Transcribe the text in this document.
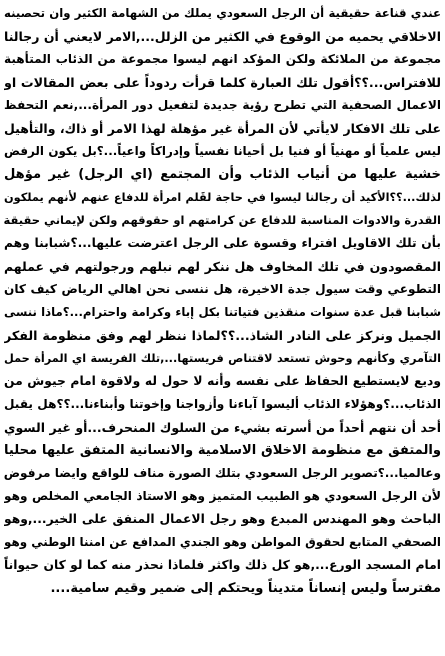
عندي قناعة حقيقية أن الرجل السعودي يملك من الشهامة الكثير وان تحصينه
الاخلاقي يحميه من الوقوع في الكثير من الزلل...,الامر لايعني أن رجالنا
مجموعة من الملائكة ولكن المؤكد انهم ليسوا مجموعة من الذئاب المتأهبة
للافتراس...؟؟أقول تلك العبارة كلما قرأت ردوداً على بعض المقالات او
الاعمال الصحفية التي تطرح رؤية جديدة لتفعيل دور المرأة...,نعم التحفظ
على تلك الافكار لايأتي لأن المرأة غير مؤهلة لهذا الامر أو ذاك، والتأهيل
ليس علمياً أو مهنياً أو فنيا بل أحيانا نفسياً وإدراكاً واعياً...؟بل يكون الرفض
خشية عليها من أنياب الذئاب وأن المجتمع (اي الرجل) غير مؤهل
لذلك...؟؟الأكيد أن رجالنا ليسوا في حاجة لقَلم امرأة للدفاع عنهم لأنهم يملكون
القدرة والادوات المناسبة للدفاع عن كرامتهم او حقوقهم ولكن لإيماني حقيقة
بأن تلك الاقاويل افتراء وقسوة على الرجل اعترضت عليها...؟شبابنا وهم
المقصودون في تلك المخاوف هل ننكر لهم نبلهم ورجولتهم في عملهم
التطوعي وقت سيول جدة الاخيرة، هل ننسى نحن اهالي الرياض كيف كان
شبابنا قبل عدة سنوات منقذين فتياتنا بكل إباء وكرامة واحترام...؟ماذا ننسى
الجميل ونركز على النادر الشاذ...؟؟لماذا ننظر لهم وفق منظومة الفكر
التآمري وكأنهم وحوش تستعد لاقتناص فريستها...,تلك الفريسة اي المرأة حمل
وديع لايستطيع الحفاظ على نفسه وأنه لا حول له ولاقوة امام جيوش من
الذئاب...؟وهؤلاء الذئاب أليسوا آباءنا وأزواجنا وإخوتنا وأبناءنا...؟؟هل يقبل
أحد أن نتهم أحداً من أسرته بشيء من السلوك المنحرف...أو غير السوي
والمتفق مع منظومة الاخلاق الاسلامية والانسانية المتفق عليها محليا
وعالميا...؟تصوير الرجل السعودي بتلك الصورة مناف للواقع وايضا مرفوض
لأن الرجل السعودي هو الطبيب المتميز وهو الاستاذ الجامعي المخلص وهو
الباحث وهو المهندس المبدع وهو رجل الاعمال المنفق على الخير...,وهو
الصحفي المتابع لحقوق المواطن وهو الجندي المدافع عن امننا الوطني وهو
امام المسجد الورع...,هو كل ذلك واكثر فلماذا نحذر منه كما لو كان حيواناً
مفترساً وليس إنساناً متديناً ويحتكم إلى ضمير وقيم سامية....
